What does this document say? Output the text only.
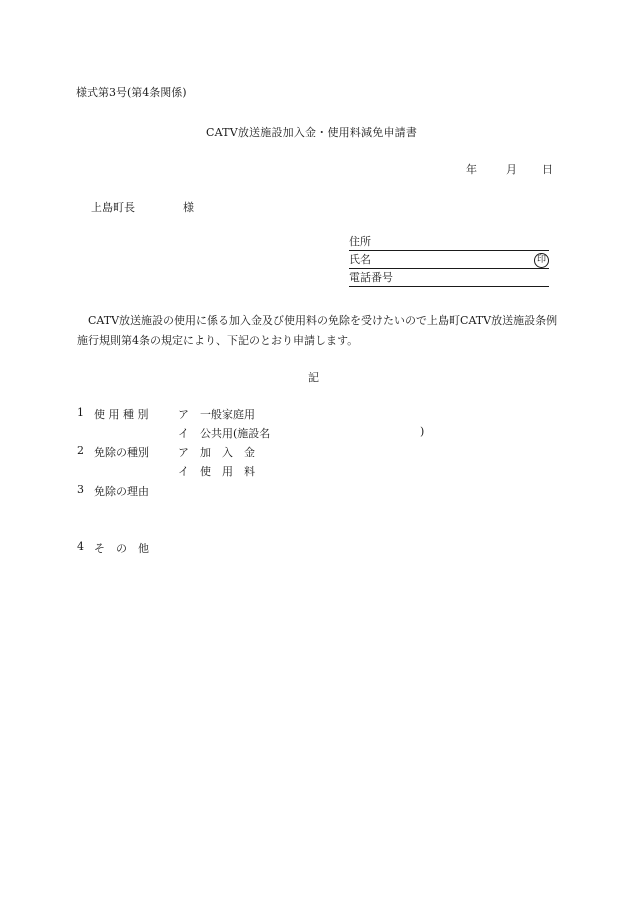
様式第3号(第4条関係)
CATV放送施設加入金・使用料減免申請書
年	月 日
上島町長	様
住所
氏名	印
電話番号
CATV放送施設の使用に係る加入金及び使用料の免除を受けたいので上島町CATV放送施設条例施行規則第4条の規定により、下記のとおり申請します。
記
1 使 用 種 別	ア 一般家庭用
イ 公共用(施設名	)
2 免除の種別	ア 加　入　金
イ 使　用　料
3 免除の理由
4 そ　の　他
